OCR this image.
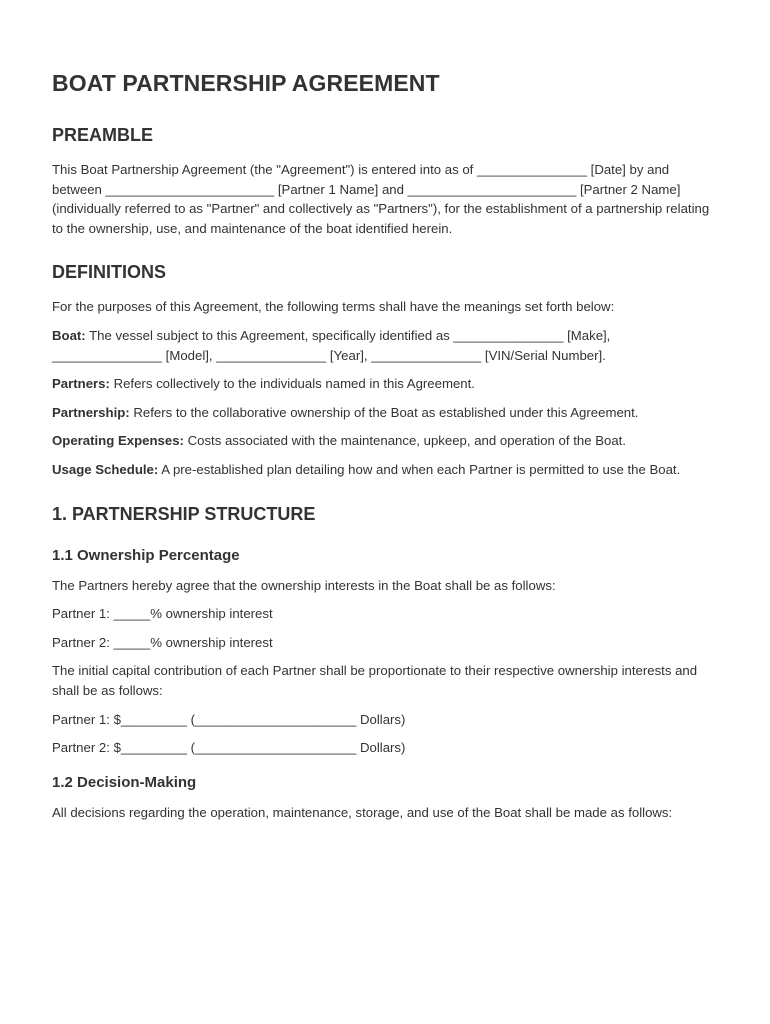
BOAT PARTNERSHIP AGREEMENT
PREAMBLE

This Boat Partnership Agreement (the "Agreement") is entered into as of _______________ [Date] by and between _______________________ [Partner 1 Name] and _______________________ [Partner 2 Name] (individually referred to as "Partner" and collectively as "Partners"), for the establishment of a partnership relating to the ownership, use, and maintenance of the boat identified herein.

DEFINITIONS

For the purposes of this Agreement, the following terms shall have the meanings set forth below:

Boat: The vessel subject to this Agreement, specifically identified as _______________ [Make], _______________ [Model], _______________ [Year], _______________ [VIN/Serial Number].

Partners: Refers collectively to the individuals named in this Agreement.

Partnership: Refers to the collaborative ownership of the Boat as established under this Agreement.

Operating Expenses: Costs associated with the maintenance, upkeep, and operation of the Boat.

Usage Schedule: A pre-established plan detailing how and when each Partner is permitted to use the Boat.

1. PARTNERSHIP STRUCTURE
1.1 Ownership Percentage

The Partners hereby agree that the ownership interests in the Boat shall be as follows:

Partner 1: _____% ownership interest

Partner 2: _____% ownership interest

The initial capital contribution of each Partner shall be proportionate to their respective ownership interests and shall be as follows:

Partner 1: $_________ (______________________ Dollars)

Partner 2: $_________ (______________________ Dollars)

1.2 Decision-Making

All decisions regarding the operation, maintenance, storage, and use of the Boat shall be made as follows:
